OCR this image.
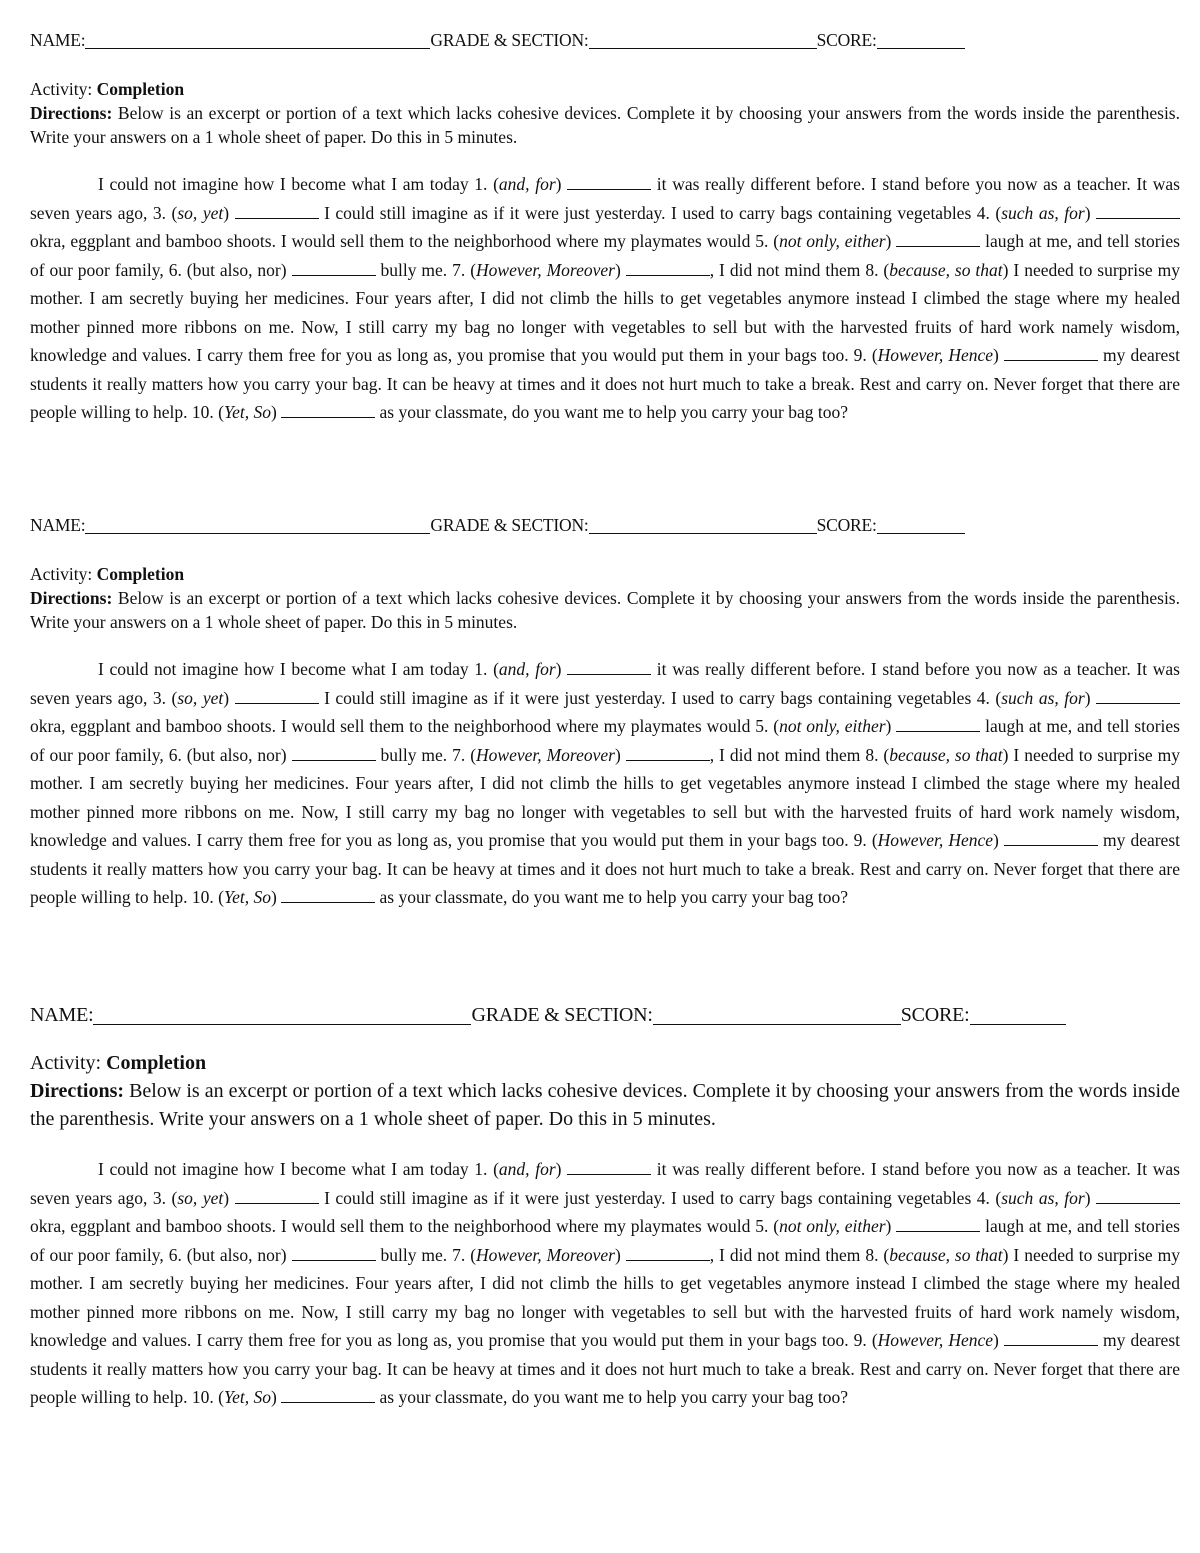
NAME:	GRADE & SECTION:	SCORE:
Activity: Completion
Directions: Below is an excerpt or portion of a text which lacks cohesive devices. Complete it by choosing your answers from the words inside the parenthesis. Write your answers on a 1 whole sheet of paper. Do this in 5 minutes.

I could not imagine how I become what I am today 1. (and, for)	it was really different before. I stand before you now as a teacher. It was seven years ago, 3. (so, yet)	I could still imagine as if it were just yesterday. I used to carry bags containing vegetables 4. (such as, for)  okra, eggplant and bamboo shoots. I would sell them to the neighborhood where my playmates would 5. (not only, either)	laugh at me, and tell stories of our poor family, 6. (but also, nor)	bully me. 7. (However, Moreover)	, I did not mind them 8. (because, so that) I needed to surprise my mother. I am secretly buying her medicines. Four years after, I did not climb the hills to get vegetables anymore instead I climbed the stage where my healed mother pinned more ribbons on me. Now, I still carry my bag no longer with vegetables to sell but with the harvested fruits of hard work namely wisdom, knowledge and values. I carry them free for you as long as, you promise that you would put them in your bags too. 9. (However, Hence)	my dearest students it really matters how you carry your bag. It can be heavy at times and it does not hurt much to take a break. Rest and carry on. Never forget that there are people willing to help. 10. (Yet, So)	as your classmate, do you want me to help you carry your bag too?

NAME:	GRADE & SECTION:	SCORE:
Activity: Completion
Directions: Below is an excerpt or portion of a text which lacks cohesive devices. Complete it by choosing your answers from the words inside the parenthesis. Write your answers on a 1 whole sheet of paper. Do this in 5 minutes.

I could not imagine how I become what I am today 1. (and, for)	it was really different before. I stand before you now as a teacher. It was seven years ago, 3. (so, yet)	I could still imagine as if it were just yesterday. I used to carry bags containing vegetables 4. (such as, for)  okra, eggplant and bamboo shoots. I would sell them to the neighborhood where my playmates would 5. (not only, either)	laugh at me, and tell stories of our poor family, 6. (but also, nor)	bully me. 7. (However, Moreover)	, I did not mind them 8. (because, so that) I needed to surprise my mother. I am secretly buying her medicines. Four years after, I did not climb the hills to get vegetables anymore instead I climbed the stage where my healed mother pinned more ribbons on me. Now, I still carry my bag no longer with vegetables to sell but with the harvested fruits of hard work namely wisdom, knowledge and values. I carry them free for you as long as, you promise that you would put them in your bags too. 9. (However, Hence)	my dearest students it really matters how you carry your bag. It can be heavy at times and it does not hurt much to take a break. Rest and carry on. Never forget that there are people willing to help. 10. (Yet, So)	as your classmate, do you want me to help you carry your bag too?

NAME:	GRADE & SECTION:	SCORE:
Activity: Completion
Directions: Below is an excerpt or portion of a text which lacks cohesive devices. Complete it by choosing your answers from the words inside the parenthesis. Write your answers on a 1 whole sheet of paper. Do this in 5 minutes.

I could not imagine how I become what I am today 1. (and, for)	it was really different before. I stand before you now as a teacher. It was seven years ago, 3. (so, yet)	I could still imagine as if it were just yesterday. I used to carry bags containing vegetables 4. (such as, for)  okra, eggplant and bamboo shoots. I would sell them to the neighborhood where my playmates would 5. (not only, either)	laugh at me, and tell stories of our poor family, 6. (but also, nor)	bully me. 7. (However, Moreover)	, I did not mind them 8. (because, so that) I needed to surprise my mother. I am secretly buying her medicines. Four years after, I did not climb the hills to get vegetables anymore instead I climbed the stage where my healed mother pinned more ribbons on me. Now, I still carry my bag no longer with vegetables to sell but with the harvested fruits of hard work namely wisdom, knowledge and values. I carry them free for you as long as, you promise that you would put them in your bags too. 9. (However, Hence)	my dearest students it really matters how you carry your bag. It can be heavy at times and it does not hurt much to take a break. Rest and carry on. Never forget that there are people willing to help. 10. (Yet, So)	as your classmate, do you want me to help you carry your bag too?
